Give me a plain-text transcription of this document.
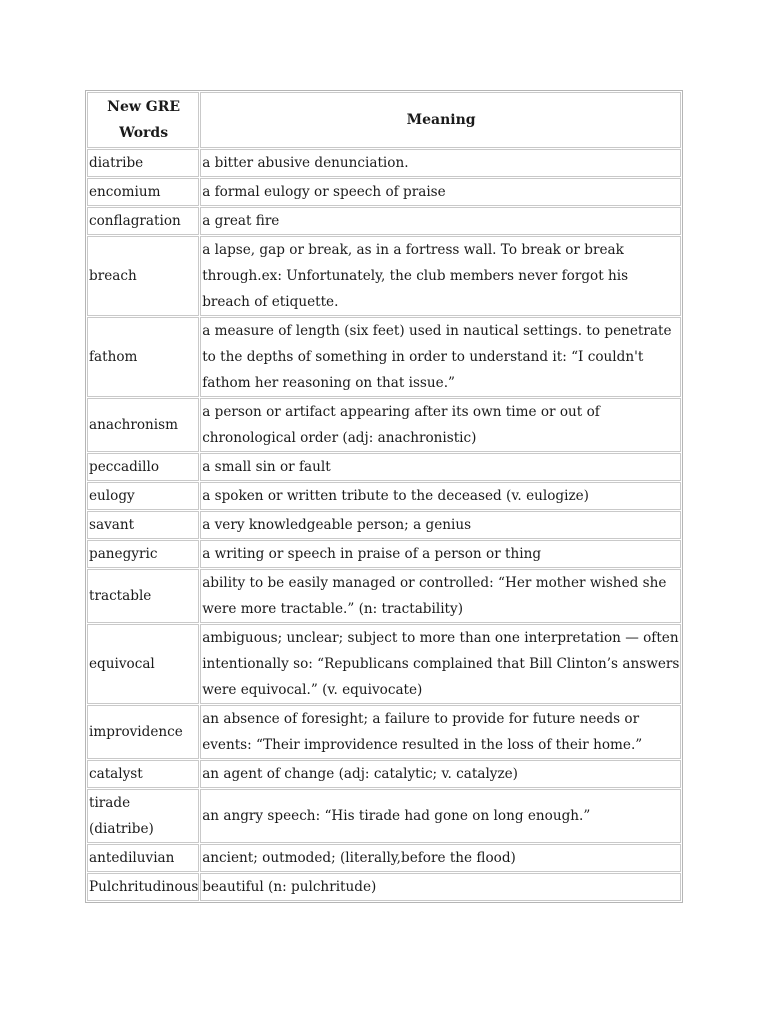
New GRE Words	Meaning
diatribe	a bitter abusive denunciation.
encomium	a formal eulogy or speech of praise
conflagration	a great fire
breach	a lapse, gap or break, as in a fortress wall. To break or break through.ex: Unfortunately, the club members never forgot his breach of etiquette.
fathom	a measure of length (six feet) used in nautical settings. to penetrate to the depths of something in order to understand it: “I couldn't fathom her reasoning on that issue.”
anachronism	a person or artifact appearing after its own time or out of chronological order (adj: anachronistic)
peccadillo	a small sin or fault
eulogy	a spoken or written tribute to the deceased (v. eulogize)
savant	a very knowledgeable person; a genius
panegyric	a writing or speech in praise of a person or thing
tractable	ability to be easily managed or controlled: “Her mother wished she were more tractable.” (n: tractability)
equivocal	ambiguous; unclear; subject to more than one interpretation — often intentionally so: “Republicans complained that Bill Clinton’s answers were equivocal.” (v. equivocate)
improvidence	an absence of foresight; a failure to provide for future needs or events: “Their improvidence resulted in the loss of their home.”
catalyst	an agent of change (adj: catalytic; v. catalyze)
tirade (diatribe)	an angry speech: “His tirade had gone on long enough.”
antediluvian	ancient; outmoded; (literally,before the flood)
Pulchritudinous	beautiful (n: pulchritude)
